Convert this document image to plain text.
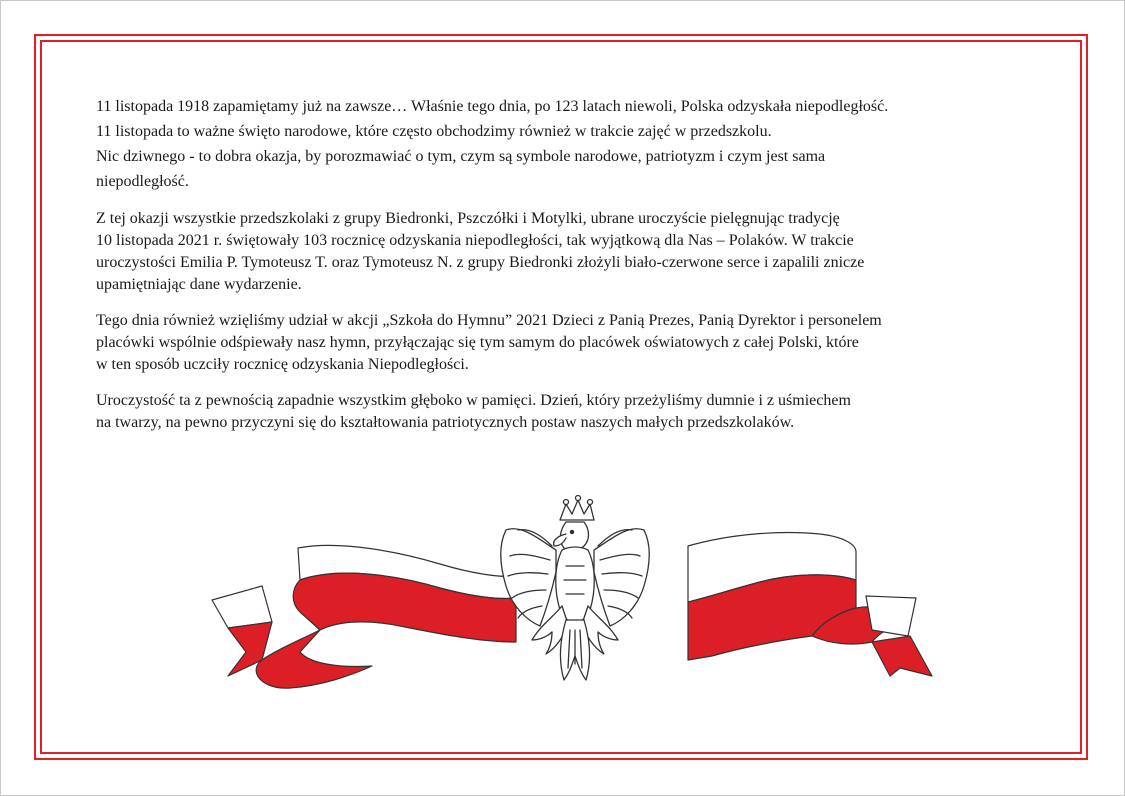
11 listopada 1918 zapamiętamy już na zawsze… Właśnie tego dnia, po 123 latach niewoli, Polska odzyskała niepodległość.

11 listopada to ważne święto narodowe, które często obchodzimy również w trakcie zajęć w przedszkolu.

Nic dziwnego - to dobra okazja, by porozmawiać o tym, czym są symbole narodowe, patriotyzm i czym jest sama

niepodległość.

Z tej okazji wszystkie przedszkolaki z grupy Biedronki, Pszczółki i Motylki, ubrane uroczyście pielęgnując tradycję

10 listopada 2021 r. świętowały 103 rocznicę odzyskania niepodległości, tak wyjątkową dla Nas – Polaków. W trakcie

uroczystości Emilia P. Tymoteusz T. oraz Tymoteusz N. z grupy Biedronki złożyli biało-czerwone serce i zapalili znicze

upamiętniając dane wydarzenie.

Tego dnia również wzięliśmy udział w akcji „Szkoła do Hymnu” 2021 Dzieci z Panią Prezes, Panią Dyrektor i personelem

placówki wspólnie odśpiewały nasz hymn, przyłączając się tym samym do placówek oświatowych z całej Polski, które

w ten sposób uczciły rocznicę odzyskania Niepodległości.

Uroczystość ta z pewnością zapadnie wszystkim głęboko w pamięci. Dzień, który przeżyliśmy dumnie i z uśmiechem

na twarzy, na pewno przyczyni się do kształtowania patriotycznych postaw naszych małych przedszkolaków.
